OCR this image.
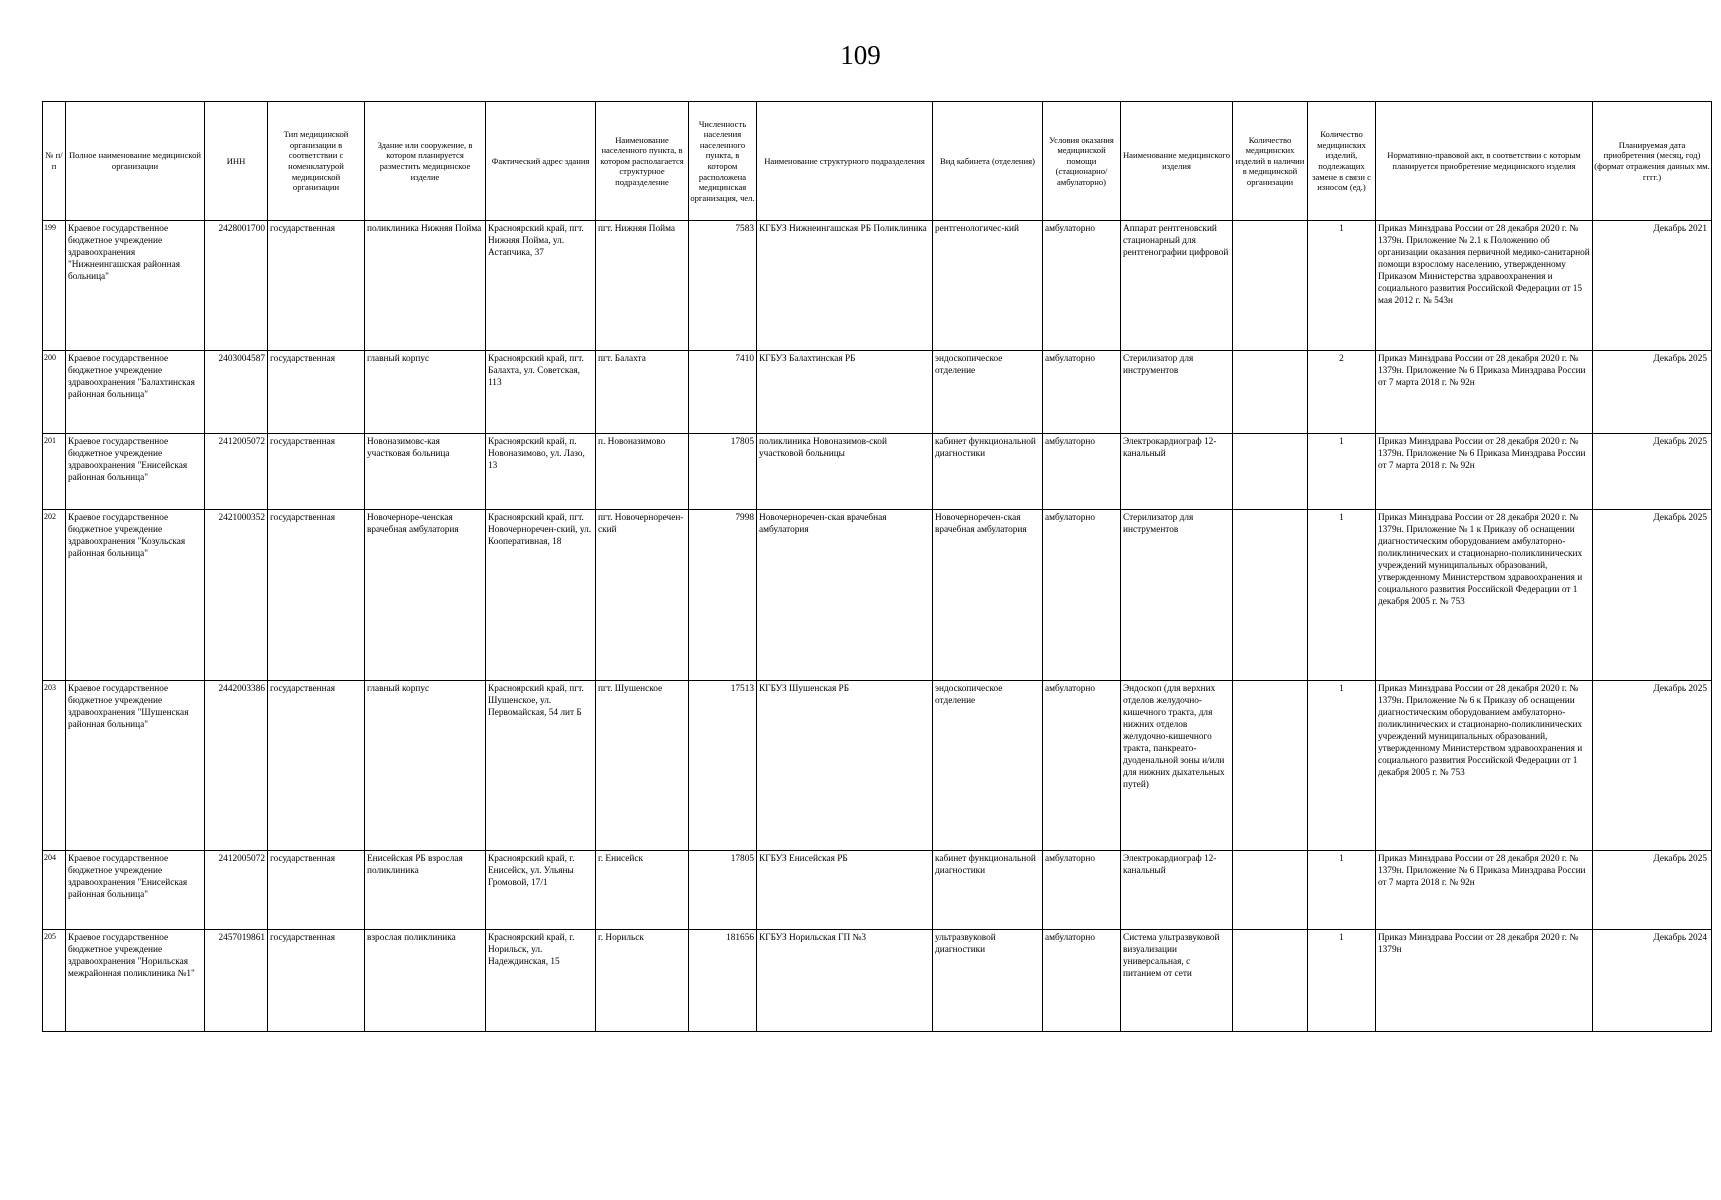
109
№ п/п	Полное наименование медицинской организации	ИНН	Тип медицинской организации в соответствии с номенклатурой медицинской организации	Здание или сооружение, в котором планируется разместить медицинское изделие	Фактический адрес здания	Наименование населенного пункта, в котором располагается структурное подразделение	Численность населения населенного пункта, в котором расположена медицинская организация, чел.	Наименование структурного подразделения	Вид кабинета (отделения)	Условия оказания медицинской помощи (стационарно/ амбулаторно)	Наименование медицинского изделия	Количество медицинских изделий в наличии в медицинской организации	Количество медицинских изделий, подлежащих замене в связи с износом (ед.)	Нормативно-правовой акт, в соответствии с которым планируется приобретение медицинского изделия	Планируемая дата приобретения (месяц, год) (формат отражения данных мм. гггг.)
199	Краевое государственное бюджетное учреждение здравоохранения "Нижнеингашская районная больница"	2428001700	государственная	поликлиника Нижняя Пойма	Красноярский край, пгт. Нижняя Пойма, ул. Астапчика, 37	пгт. Нижняя Пойма	7583	КГБУЗ Нижнеингашская РБ Поликлиника	рентгенологичес-кий	амбулаторно	Аппарат рентгеновский стационарный для рентгенографии цифровой		1	Приказ Минздрава России от 28 декабря 2020 г. № 1379н. Приложение № 2.1 к Положению об организации оказания первичной медико-санитарной помощи взрослому населению, утвержденному Приказом Министерства здравоохранения и социального развития Российской Федерации от 15 мая 2012 г. № 543н	Декабрь 2021
200	Краевое государственное бюджетное учреждение здравоохранения "Балахтинская районная больница"	2403004587	государственная	главный корпус	Красноярский край, пгт. Балахта, ул. Советская, 113	пгт. Балахта	7410	КГБУЗ Балахтинская РБ	эндоскопическое отделение	амбулаторно	Стерилизатор для инструментов		2	Приказ Минздрава России от 28 декабря 2020 г. № 1379н. Приложение № 6 Приказа Минздрава России от 7 марта 2018 г. № 92н	Декабрь 2025
201	Краевое государственное бюджетное учреждение здравоохранения "Енисейская районная больница"	2412005072	государственная	Новоназимовс-кая участковая больница	Красноярский край, п. Новоназимово, ул. Лазо, 13	п. Новоназимово	17805	поликлиника Новоназимов-ской участковой больницы	кабинет функциональной диагностики	амбулаторно	Электрокардиограф 12-канальный		1	Приказ Минздрава России от 28 декабря 2020 г. № 1379н. Приложение № 6 Приказа Минздрава России от 7 марта 2018 г. № 92н	Декабрь 2025
202	Краевое государственное бюджетное учреждение здравоохранения "Козульская районная больница"	2421000352	государственная	Новочерноре-ченская врачебная амбулатория	Красноярский край, пгт. Новочерноречен-ский, ул. Кооперативная, 18	пгт. Новочерноречен-ский	7998	Новочерноречен-ская врачебная амбулатория	Новочерноречен-ская врачебная амбулатория	амбулаторно	Стерилизатор для инструментов		1	Приказ Минздрава России от 28 декабря 2020 г. № 1379н. Приложение № 1 к Приказу об оснащении диагностическим оборудованием амбулаторно-поликлинических и стационарно-поликлинических учреждений муниципальных образований, утвержденному Министерством здравоохранения и социального развития Российской Федерации от 1 декабря 2005 г. № 753	Декабрь 2025
203	Краевое государственное бюджетное учреждение здравоохранения "Шушенская районная больница"	2442003386	государственная	главный корпус	Красноярский край, пгт. Шушенское, ул. Первомайская, 54 лит Б	пгт. Шушенское	17513	КГБУЗ Шушенская РБ	эндоскопическое отделение	амбулаторно	Эндоскоп (для верхних отделов желудочно-кишечного тракта, для нижних отделов желудочно-кишечного тракта, панкреато-дуоденальной зоны и/или для нижних дыхательных путей)		1	Приказ Минздрава России от 28 декабря 2020 г. № 1379н. Приложение № 6 к Приказу об оснащении диагностическим оборудованием амбулаторно-поликлинических и стационарно-поликлинических учреждений муниципальных образований, утвержденному Министерством здравоохранения и социального развития Российской Федерации от 1 декабря 2005 г. № 753	Декабрь 2025
204	Краевое государственное бюджетное учреждение здравоохранения "Енисейская районная больница"	2412005072	государственная	Енисейская РБ взрослая поликлиника	Красноярский край, г. Енисейск, ул. Ульяны Громовой, 17/1	г. Енисейск	17805	КГБУЗ Енисейская РБ	кабинет функциональной диагностики	амбулаторно	Электрокардиограф 12-канальный		1	Приказ Минздрава России от 28 декабря 2020 г. № 1379н. Приложение № 6 Приказа Минздрава России от 7 марта 2018 г. № 92н	Декабрь 2025
205	Краевое государственное бюджетное учреждение здравоохранения "Норильская межрайонная поликлиника №1"	2457019861	государственная	взрослая поликлиника	Красноярский край, г. Норильск, ул. Надеждинская, 15	г. Норильск	181656	КГБУЗ Норильская ГП №3	ультразвуковой диагностики	амбулаторно	Система ультразвуковой визуализации универсальная, с питанием от сети		1	Приказ Минздрава России от 28 декабря 2020 г. № 1379н	Декабрь 2024
